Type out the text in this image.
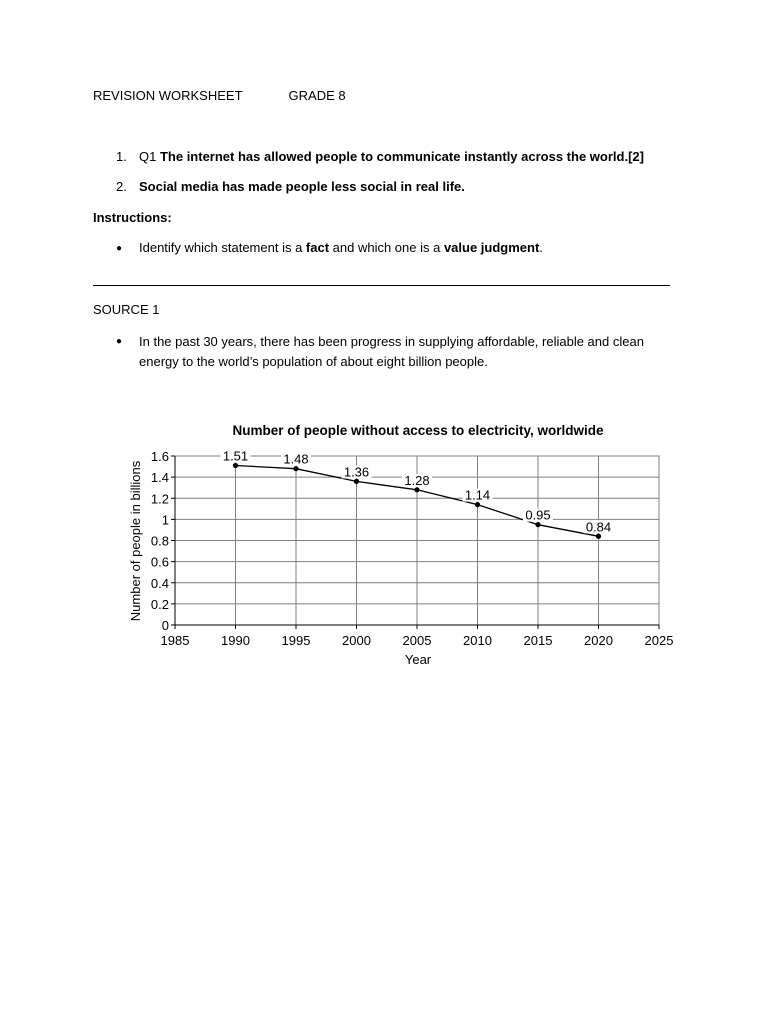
REVISION WORKSHEET	GRADE 8
1. Q1 The internet has allowed people to communicate instantly across the world.[2]
2. Social media has made people less social in real life.
Instructions:
● Identify which statement is a fact and which one is a value judgment.
SOURCE 1
● In the past 30 years, there has been progress in supplying affordable, reliable and clean energy to the world’s population of about eight billion people.
Number of people without access to electricity, worldwide
0
0.2
0.4
0.6
0.8
1
1.2
1.4
1.6
1985 1990 1995 2000 2005 2010 2015 2020 2025
1.51	1.48
1.36
1.28
1.14
0.95
0.84
Year
Number of people in billions
